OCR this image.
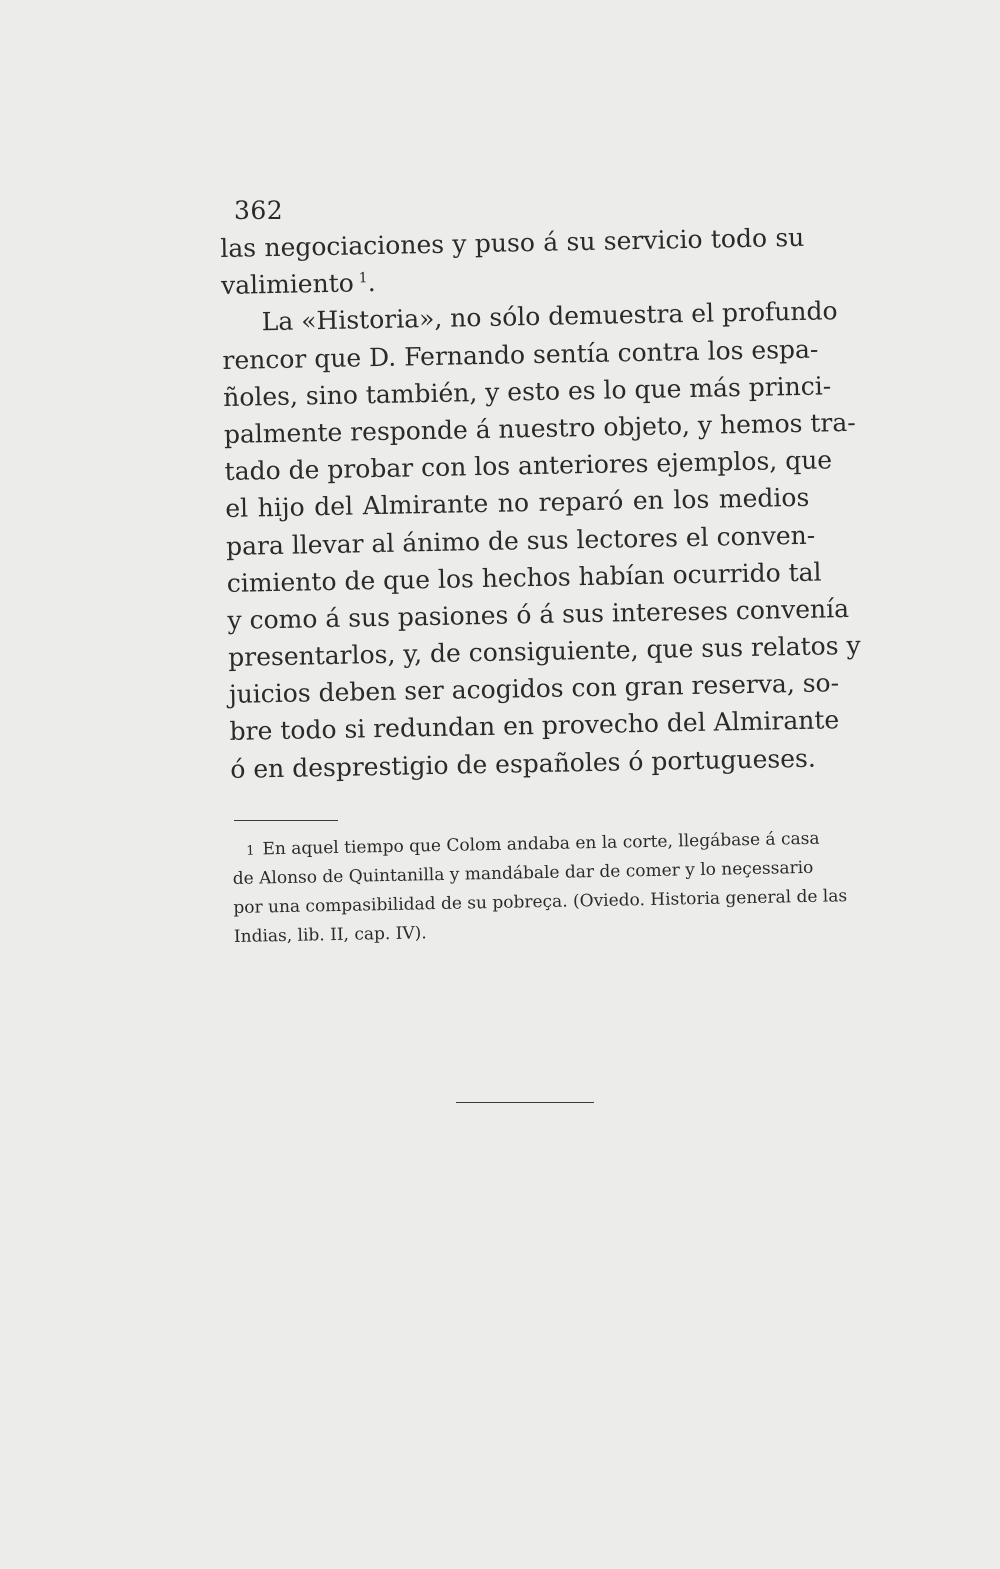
362
las negociaciones y puso á su servicio todo su
valimiento  $^1$.
La «Historia», no sólo demuestra el profundo
rencor que D. Fernando sentía contra los espa-
ñoles, sino también, y esto es lo que más princi-
palmente responde á nuestro objeto, y hemos tra-
tado de probar con los anteriores ejemplos, que
el hijo del Almirante no reparó en los medios
para llevar al ánimo de sus lectores el conven-
cimiento de que los hechos habían ocurrido tal
y como á sus pasiones ó á sus intereses convenía
presentarlos, y, de consiguiente, que sus relatos y
juicios deben ser acogidos con gran reserva, so-
bre todo si redundan en provecho del Almirante
ó en desprestigio de españoles ó portugueses.
1 En aquel tiempo que Colom andaba en la corte, llegábase á casa
de Alonso de Quintanilla y mandábale dar de comer y lo neçessario
por una compasibilidad de su pobreça. (Oviedo. Historia general de las
Indias, lib. II, cap. IV).
